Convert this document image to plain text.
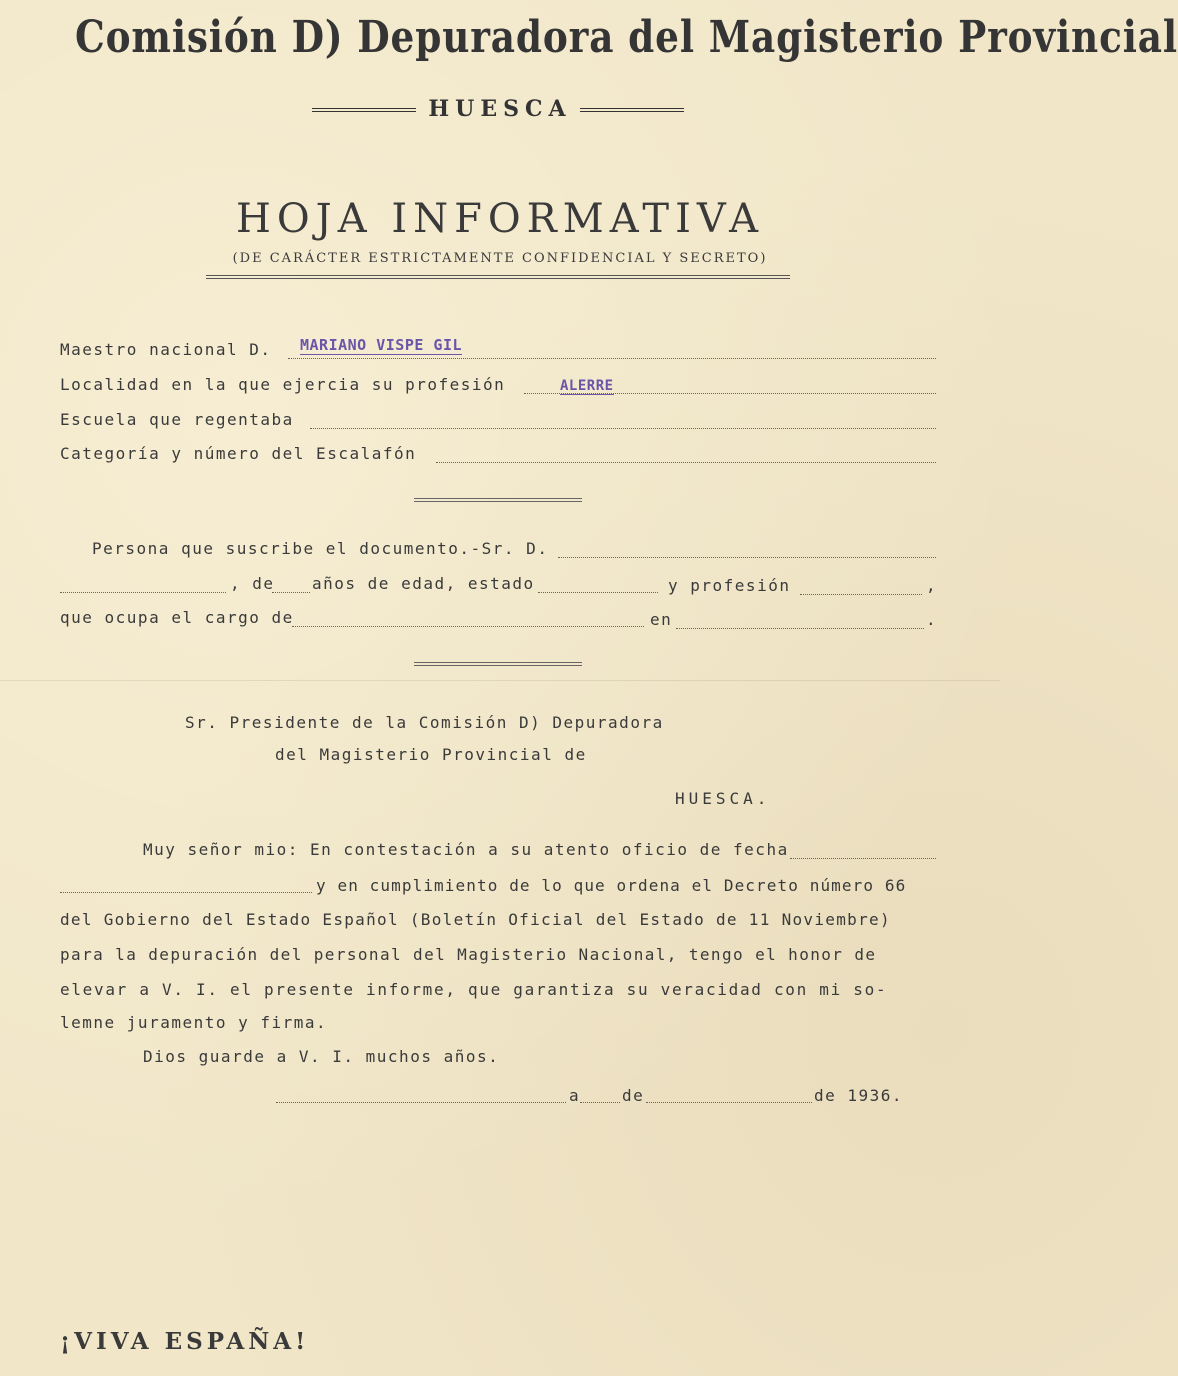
Comisión D) Depuradora del Magisterio Provincial
HUESCA
HOJA INFORMATIVA
(DE CARÁCTER ESTRICTAMENTE CONFIDENCIAL Y SECRETO)
Maestro nacional D. MARIANO VISPE GIL
Localidad en la que ejercia su profesión	ALERRE
Escuela que regentaba
Categoría y número del Escalafón
Persona que suscribe el documento.-Sr. D.
, de años de edad, estado	y profesión	,
que ocupa el cargo de	en	.
Sr. Presidente de la Comisión D) Depuradora
del Magisterio Provincial de
HUESCA.
Muy señor mio: En contestación a su atento oficio de fecha
y en cumplimiento de lo que ordena el Decreto número 66
del Gobierno del Estado Español (Boletín Oficial del Estado de 11 Noviembre)
para la depuración del personal del Magisterio Nacional, tengo el honor de
elevar a V. I. el presente informe, que garantiza su veracidad con mi so-
lemne juramento y firma.
Dios guarde a V. I. muchos años.
a	de	de 1936.
¡VIVA ESPAÑA!
